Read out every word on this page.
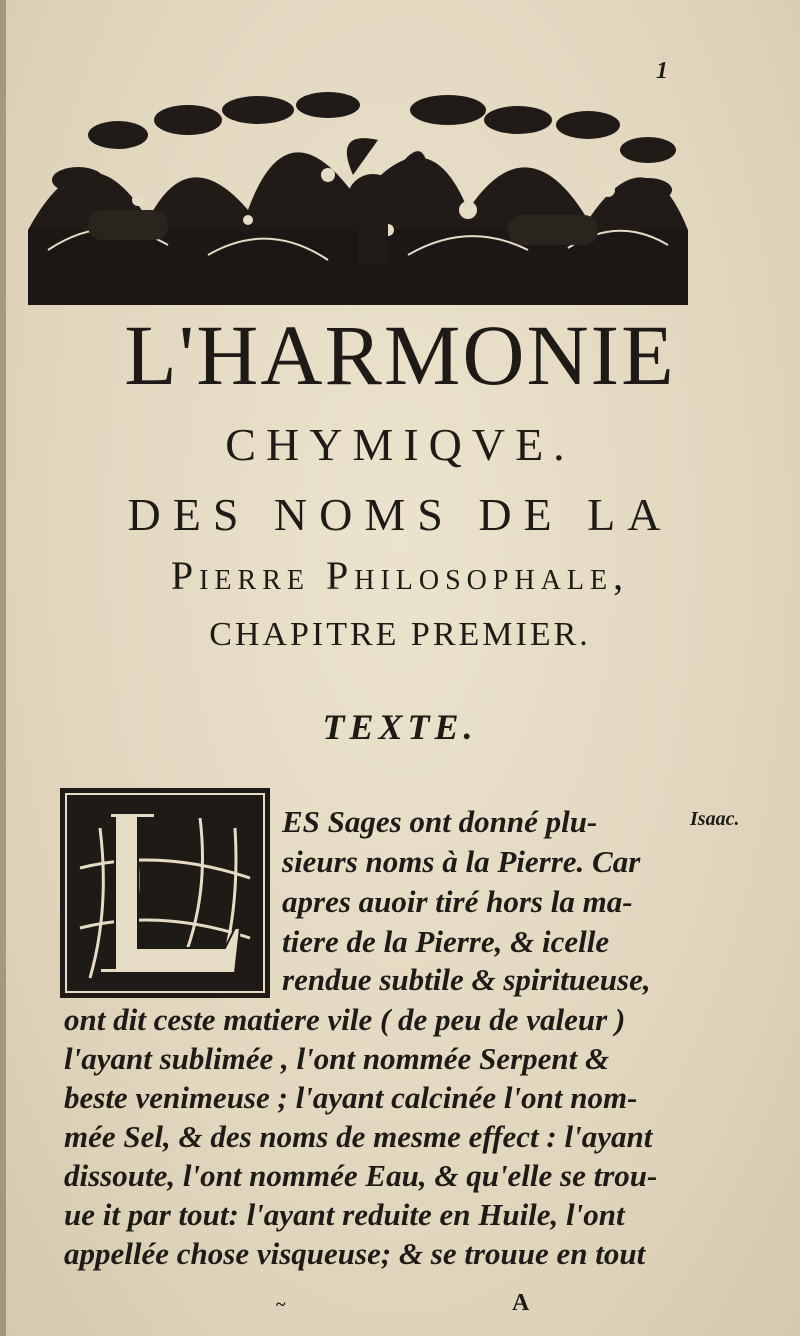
1
L'HARMONIE
CHYMIQVE.
DES NOMS DE LA
Pierre Philosophale,
CHAPITRE PREMIER.
TEXTE.
Isaac.
ES Sages ont donné plu-
sieurs noms à la Pierre. Car
apres auoir tiré hors la ma-
tiere de la Pierre, & icelle
rendue subtile & spiritueuse,
ont dit ceste matiere vile ( de peu de valeur )
l'ayant sublimée , l'ont nommée Serpent &
beste venimeuse ; l'ayant calcinée l'ont nom-
mée Sel, & des noms de mesme effect : l'ayant
dissoute, l'ont nommée Eau, & qu'elle se trou-
ue it par tout: l'ayant reduite en Huile, l'ont
appellée chose visqueuse; & se trouue en tout
~	A
